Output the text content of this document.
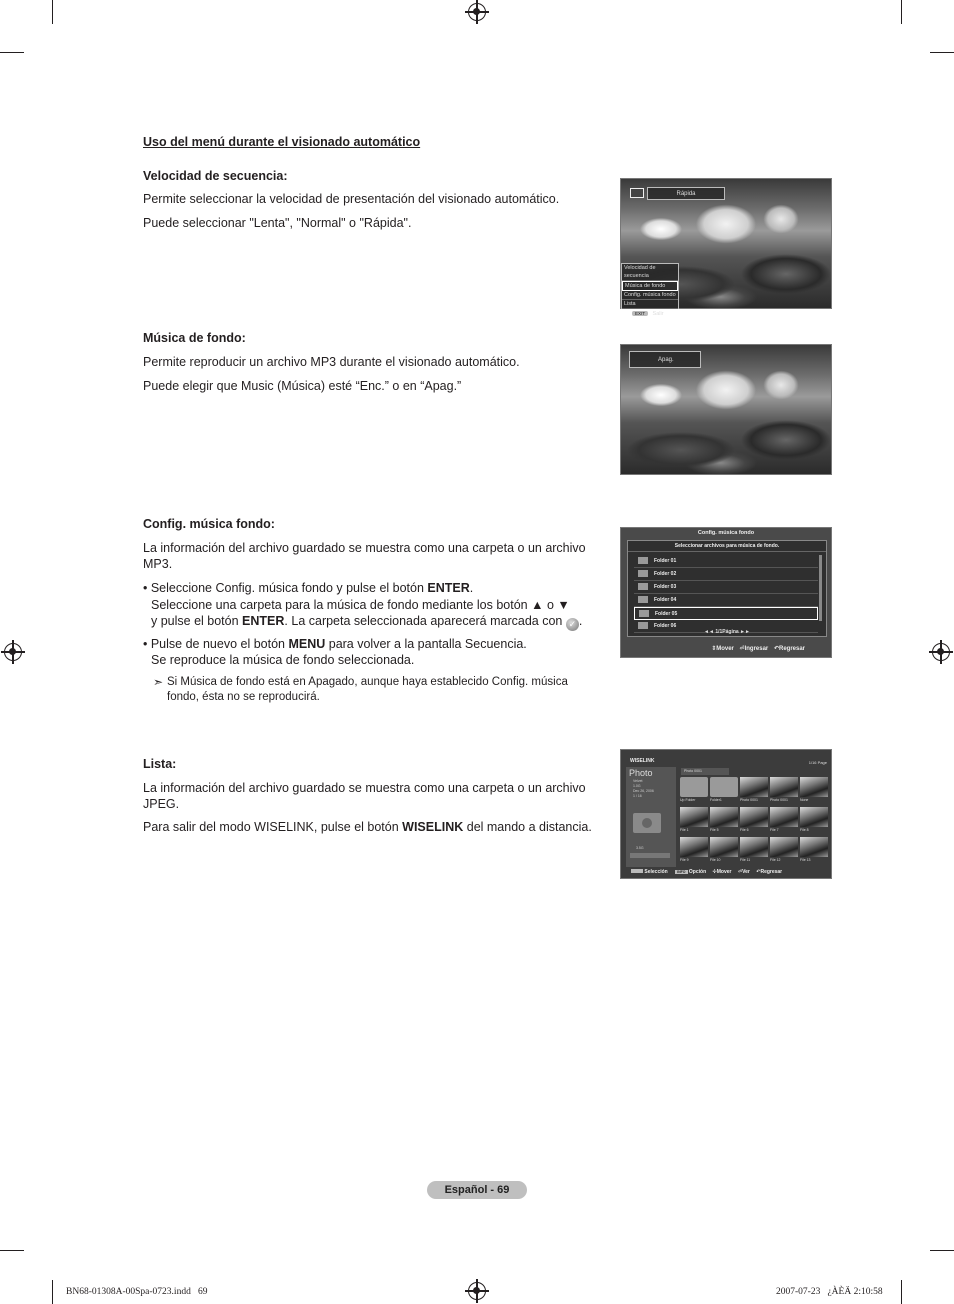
Uso del menú durante el visionado automático
Velocidad de secuencia:
Permite seleccionar la velocidad de presentación del visionado automático.
Puede seleccionar "Lenta", "Normal" o "Rápida".
Música de fondo:
Permite reproducir un archivo MP3 durante el visionado automático.
Puede elegir que Music (Música) esté “Enc.” o en “Apag.”
Config. música fondo:
La información del archivo guardado se muestra como una carpeta o un archivo
MP3.
• Seleccione Config. música fondo y pulse el botón ENTER.
Seleccione una carpeta para la música de fondo mediante los botón ▲ o ▼
y pulse el botón ENTER. La carpeta seleccionada aparecerá marcada con ✓ .
• Pulse de nuevo el botón MENU para volver a la pantalla Secuencia.
Se reproduce la música de fondo seleccionada.
➣ Si Música de fondo está en Apagado, aunque haya establecido Config. música
fondo, ésta no se reproducirá.
Lista:
La información del archivo guardado se muestra como una carpeta o un archivo
JPEG.
Para salir del modo WISELINK, pulse el botón WISELINK del mando a distancia.
Rápida
Velocidad de secuencia
Música de fondo
Config. música fondo
Lista
EXIT Salir
Apag.
Config. música fondo
Seleccionar archivos para música de fondo.
Folder 01
Folder 02
Folder 03
Folder 04
Folder 05
Folder 06
◄◄ 1/1Página ►►
⇕Mover ⏎Ingresar ↶Regresar
WISELINK	1/16 Page
Photo
Velvet
1.0G
Dec 26, 2006
1 / 16
3.5G
Photo 0001
Up Folder	Folder1	Photo 0001	Photo 0001	None
File 1	File 5	File 6	File 7	File 8
File 9	File 10	File 11	File 12	File 13
Selección	INFO Opción ✣Mover ⏎Ver ↶Regresar
Español - 69
BN68-01308A-00Spa-0723.indd   69	2007-07-23   ¿ÀÈÄ 2:10:58
